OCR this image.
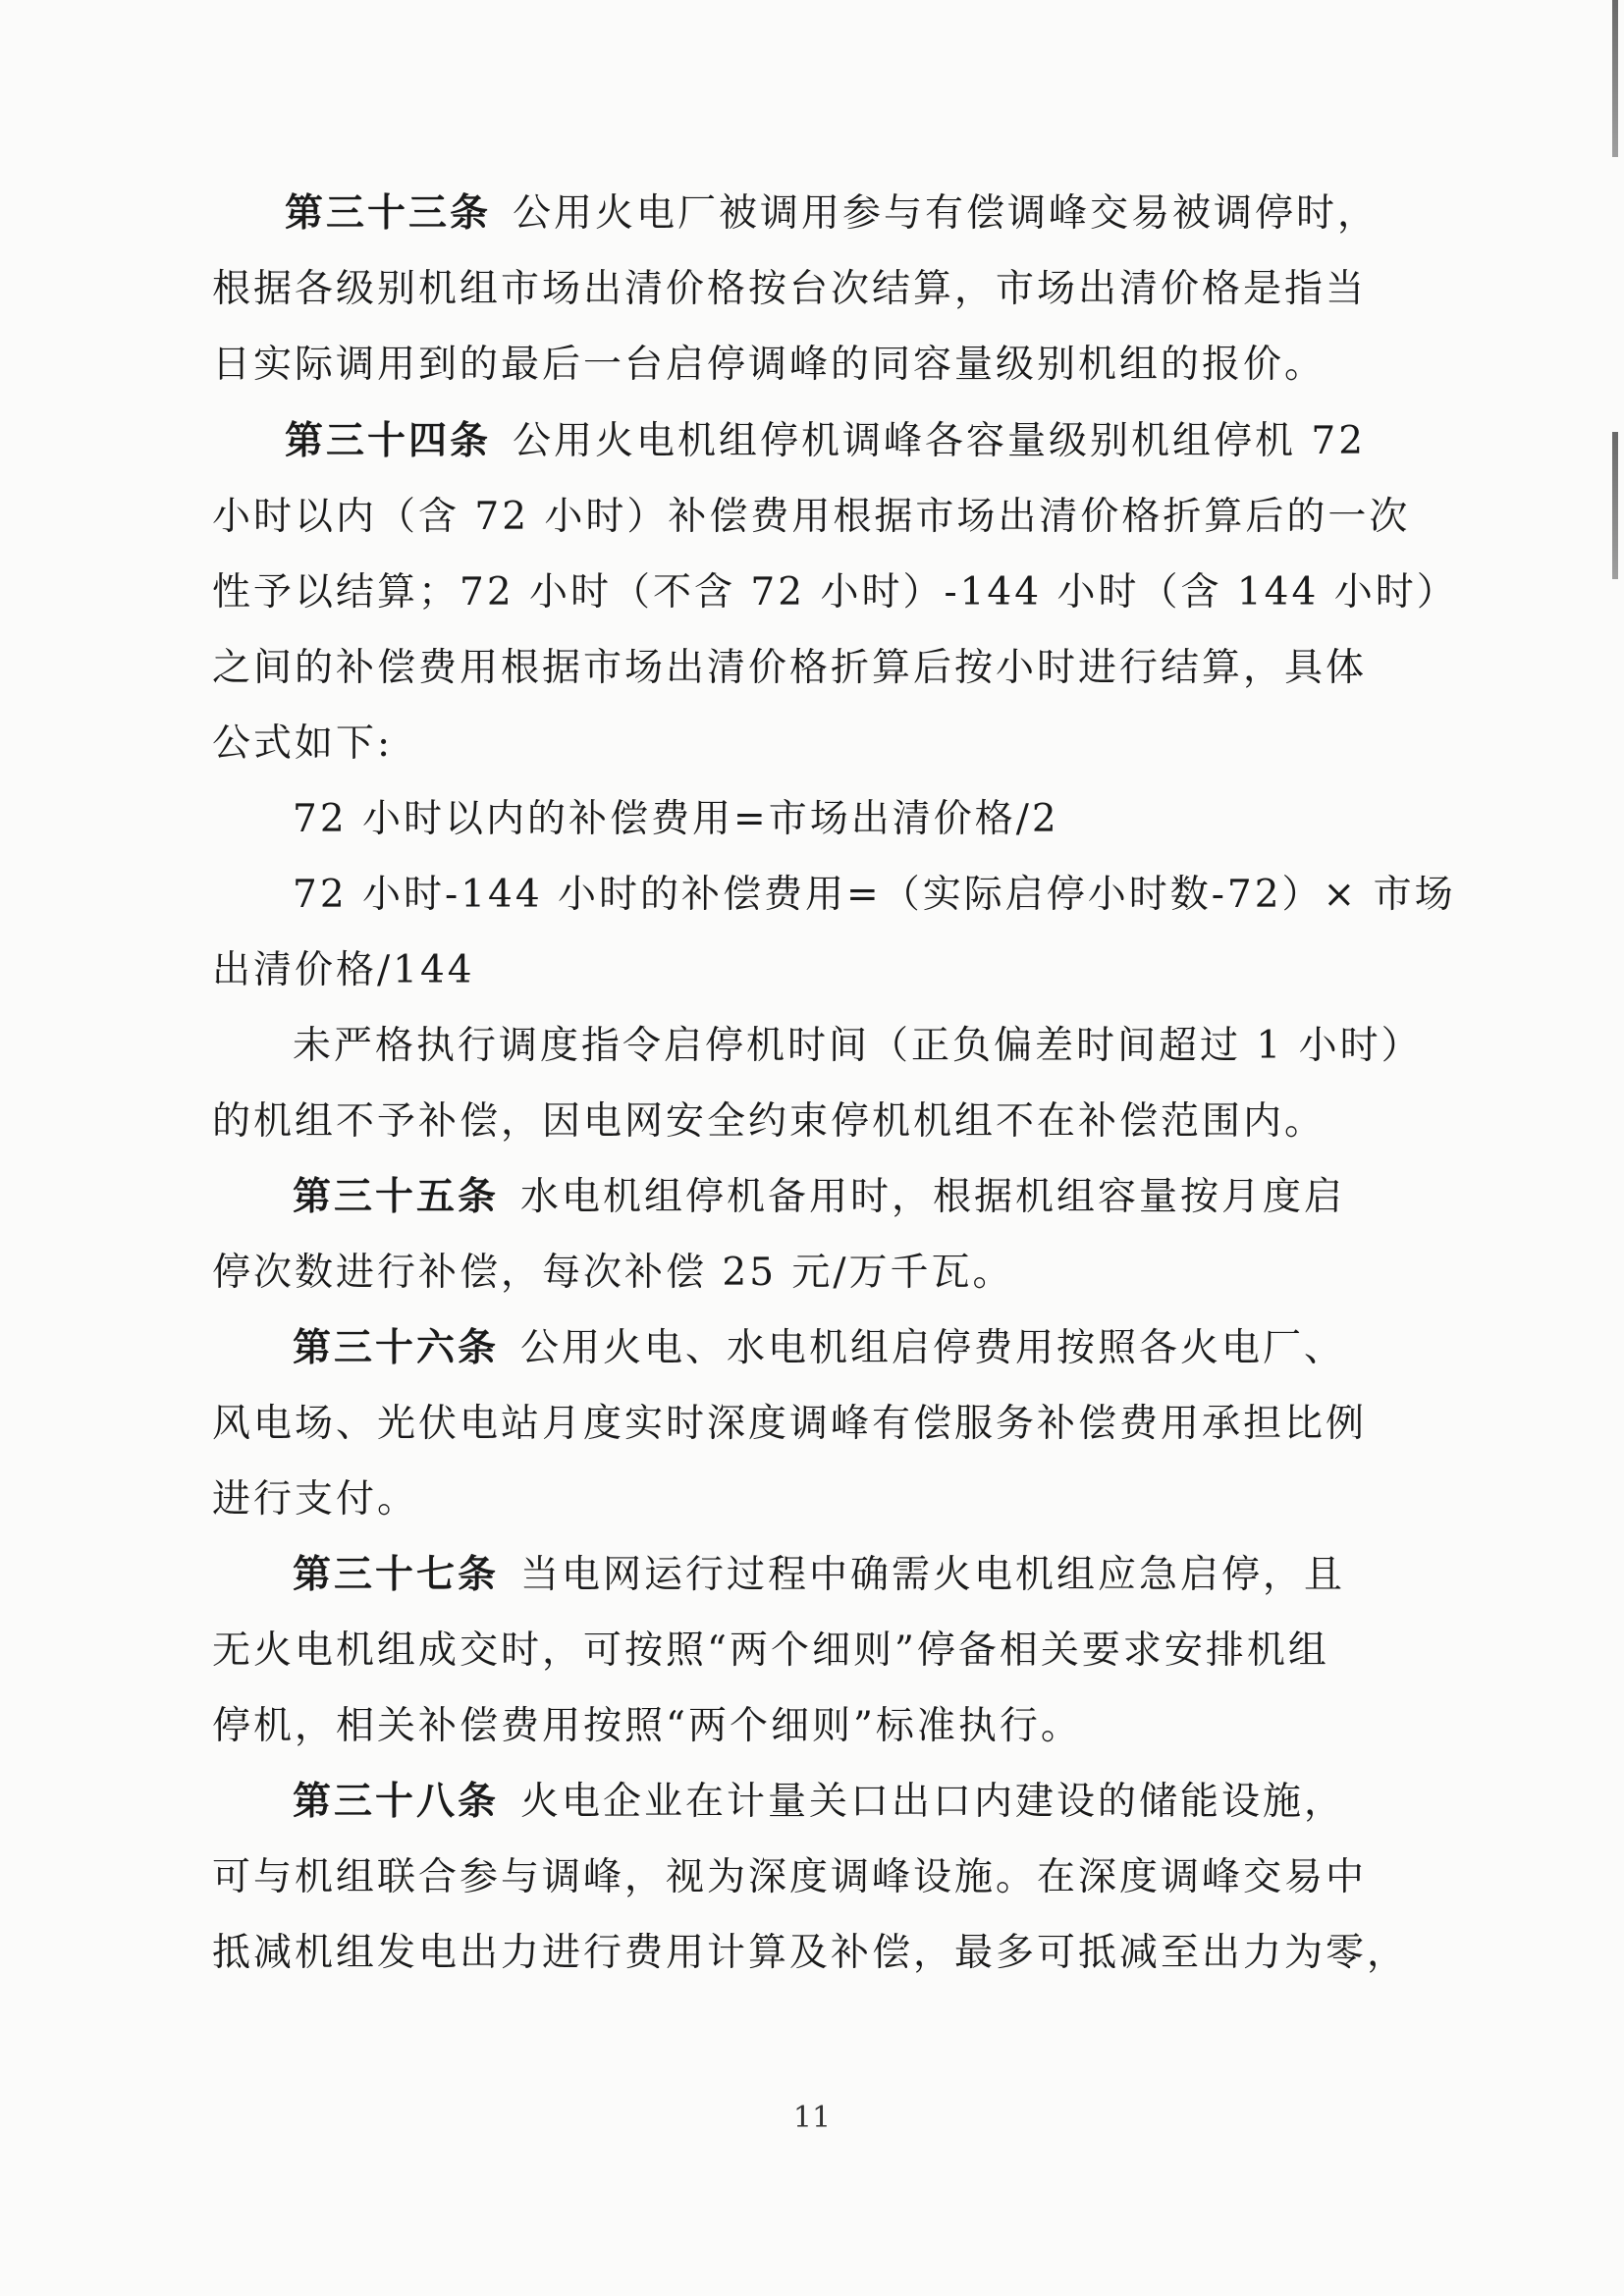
第三十三条 公用火电厂被调用参与有偿调峰交易被调停时，
根据各级别机组市场出清价格按台次结算，市场出清价格是指当
日实际调用到的最后一台启停调峰的同容量级别机组的报价。
第三十四条 公用火电机组停机调峰各容量级别机组停机 72
小时以内（含 72 小时）补偿费用根据市场出清价格折算后的一次
性予以结算；72 小时（不含 72 小时）-144 小时（含 144 小时）
之间的补偿费用根据市场出清价格折算后按小时进行结算，具体
公式如下:
72 小时以内的补偿费用=市场出清价格/2
72 小时-144 小时的补偿费用=（实际启停小时数-72）× 市场
出清价格/144
未严格执行调度指令启停机时间（正负偏差时间超过 1 小时）
的机组不予补偿，因电网安全约束停机机组不在补偿范围内。
第三十五条 水电机组停机备用时，根据机组容量按月度启
停次数进行补偿，每次补偿 25 元/万千瓦。
第三十六条 公用火电、水电机组启停费用按照各火电厂、
风电场、光伏电站月度实时深度调峰有偿服务补偿费用承担比例
进行支付。
第三十七条 当电网运行过程中确需火电机组应急启停，且
无火电机组成交时，可按照“两个细则”停备相关要求安排机组
停机，相关补偿费用按照“两个细则”标准执行。
第三十八条 火电企业在计量关口出口内建设的储能设施，
可与机组联合参与调峰，视为深度调峰设施。在深度调峰交易中
抵减机组发电出力进行费用计算及补偿，最多可抵减至出力为零，
11
